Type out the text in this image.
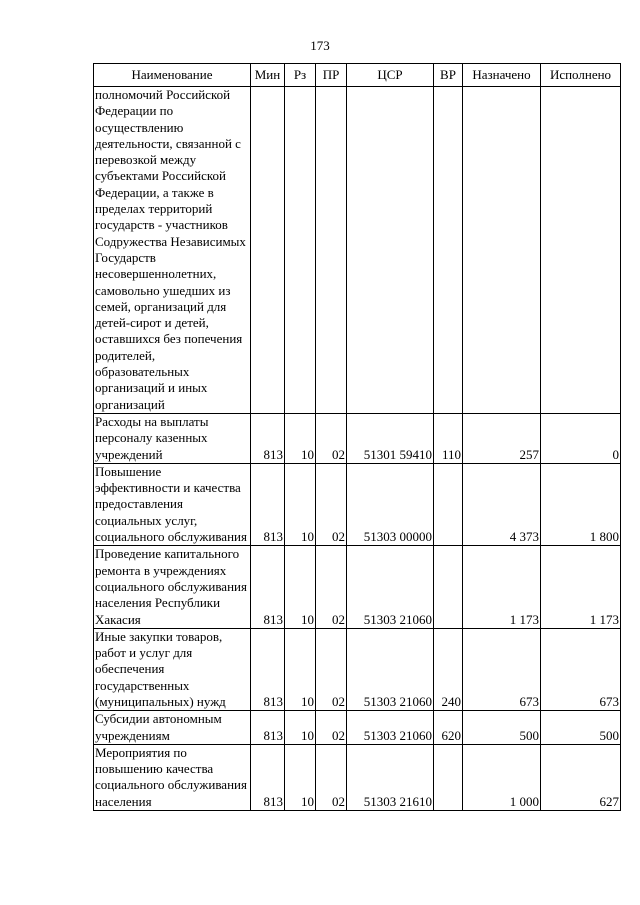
173
Наименование	Мин	Рз	ПР	ЦСР	ВР	Назначено	Исполнено
полномочий Российской Федерации по осуществлению деятельности, связанной с перевозкой между субъектами Российской Федерации, а также в пределах территорий государств - участников Содружества Независимых Государств несовершеннолетних, самовольно ушедших из семей, организаций для детей-сирот и детей, оставшихся без попечения родителей, образовательных организаций и иных организаций							
Расходы на выплаты персоналу казенных учреждений	813	10	02	51301 59410	110	257	0
Повышение эффективности и качества предоставления социальных услуг, социального обслуживания	813	10	02	51303 00000		4 373	1 800
Проведение капитального ремонта в учреждениях социального обслуживания населения Республики Хакасия	813	10	02	51303 21060		1 173	1 173
Иные закупки товаров, работ и услуг для обеспечения государственных (муниципальных) нужд	813	10	02	51303 21060	240	673	673
Субсидии автономным учреждениям	813	10	02	51303 21060	620	500	500
Мероприятия по повышению качества социального обслуживания населения	813	10	02	51303 21610		1 000	627
